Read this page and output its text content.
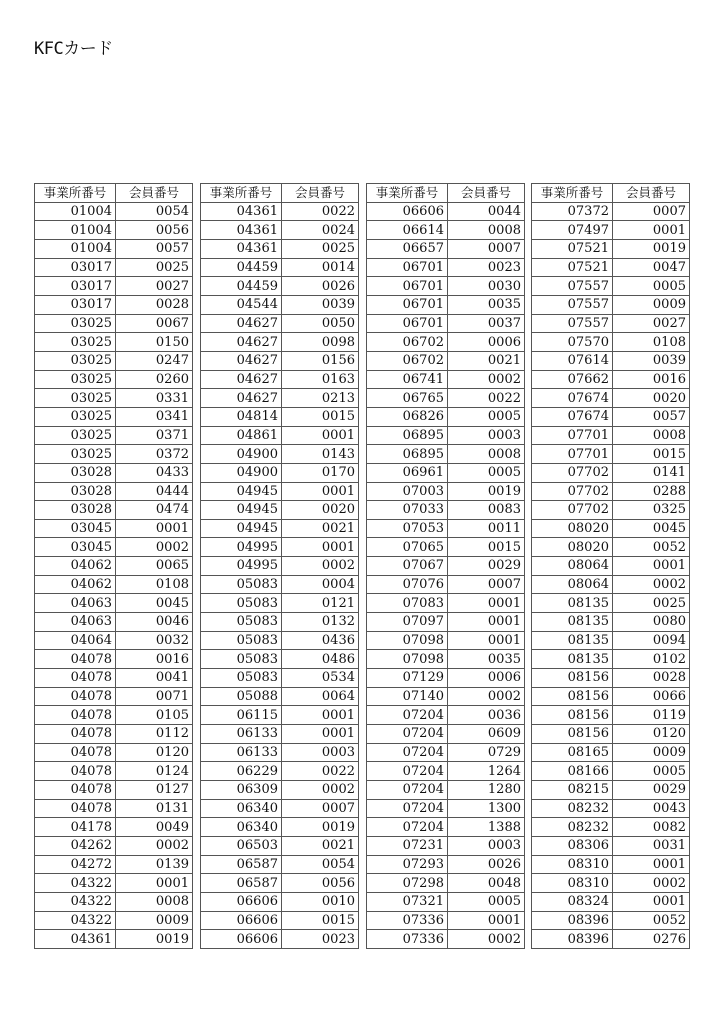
KFCカード
事業所番号	会員番号
01004	0054
01004	0056
01004	0057
03017	0025
03017	0027
03017	0028
03025	0067
03025	0150
03025	0247
03025	0260
03025	0331
03025	0341
03025	0371
03025	0372
03028	0433
03028	0444
03028	0474
03045	0001
03045	0002
04062	0065
04062	0108
04063	0045
04063	0046
04064	0032
04078	0016
04078	0041
04078	0071
04078	0105
04078	0112
04078	0120
04078	0124
04078	0127
04078	0131
04178	0049
04262	0002
04272	0139
04322	0001
04322	0008
04322	0009
04361	0019
事業所番号	会員番号
04361	0022
04361	0024
04361	0025
04459	0014
04459	0026
04544	0039
04627	0050
04627	0098
04627	0156
04627	0163
04627	0213
04814	0015
04861	0001
04900	0143
04900	0170
04945	0001
04945	0020
04945	0021
04995	0001
04995	0002
05083	0004
05083	0121
05083	0132
05083	0436
05083	0486
05083	0534
05088	0064
06115	0001
06133	0001
06133	0003
06229	0022
06309	0002
06340	0007
06340	0019
06503	0021
06587	0054
06587	0056
06606	0010
06606	0015
06606	0023
事業所番号	会員番号
06606	0044
06614	0008
06657	0007
06701	0023
06701	0030
06701	0035
06701	0037
06702	0006
06702	0021
06741	0002
06765	0022
06826	0005
06895	0003
06895	0008
06961	0005
07003	0019
07033	0083
07053	0011
07065	0015
07067	0029
07076	0007
07083	0001
07097	0001
07098	0001
07098	0035
07129	0006
07140	0002
07204	0036
07204	0609
07204	0729
07204	1264
07204	1280
07204	1300
07204	1388
07231	0003
07293	0026
07298	0048
07321	0005
07336	0001
07336	0002
事業所番号	会員番号
07372	0007
07497	0001
07521	0019
07521	0047
07557	0005
07557	0009
07557	0027
07570	0108
07614	0039
07662	0016
07674	0020
07674	0057
07701	0008
07701	0015
07702	0141
07702	0288
07702	0325
08020	0045
08020	0052
08064	0001
08064	0002
08135	0025
08135	0080
08135	0094
08135	0102
08156	0028
08156	0066
08156	0119
08156	0120
08165	0009
08166	0005
08215	0029
08232	0043
08232	0082
08306	0031
08310	0001
08310	0002
08324	0001
08396	0052
08396	0276
